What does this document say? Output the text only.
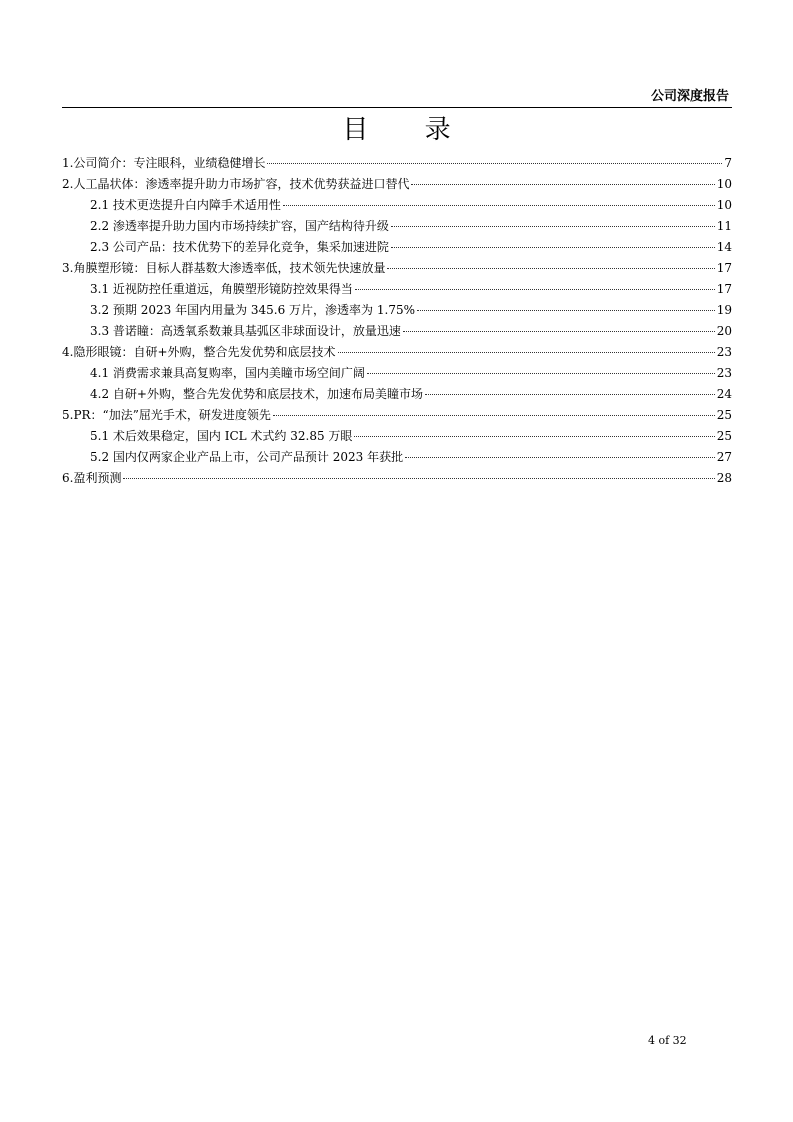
公司深度报告
目 录
1.公司简介：专注眼科，业绩稳健增长	7
2.人工晶状体：渗透率提升助力市场扩容，技术优势获益进口替代	10
2.1 技术更迭提升白内障手术适用性	10
2.2 渗透率提升助力国内市场持续扩容，国产结构待升级	11
2.3 公司产品：技术优势下的差异化竞争，集采加速进院	14
3.角膜塑形镜：目标人群基数大渗透率低，技术领先快速放量	17
3.1 近视防控任重道远，角膜塑形镜防控效果得当	17
3.2 预期 2023 年国内用量为 345.6 万片，渗透率为 1.75%	19
3.3 普诺瞳：高透氧系数兼具基弧区非球面设计，放量迅速	20
4.隐形眼镜：自研+外购，整合先发优势和底层技术	23
4.1 消费需求兼具高复购率，国内美瞳市场空间广阔	23
4.2 自研+外购，整合先发优势和底层技术，加速布局美瞳市场	24
5.PR：“加法”屈光手术，研发进度领先	25
5.1 术后效果稳定，国内 ICL 术式约 32.85 万眼	25
5.2 国内仅两家企业产品上市，公司产品预计 2023 年获批	27
6.盈利预测	28
4 of 32
